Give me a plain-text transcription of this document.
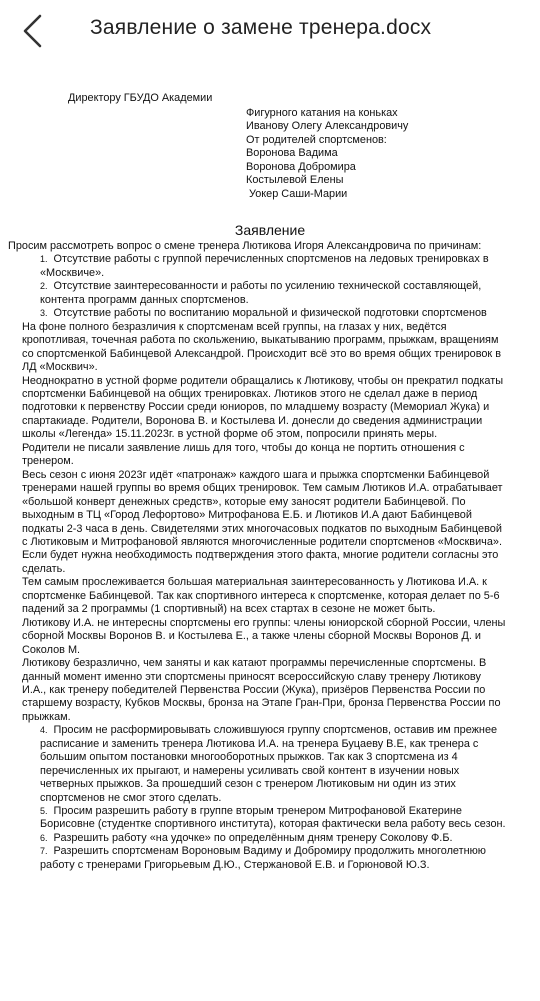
Заявление о замене тренера.docx
Директору ГБУДО Академии
Фигурного катания на коньках
Иванову Олегу Александровичу
От родителей спортсменов:
Вороновa Вадима
Воронова Добромира
Костылевой Елены
Уокер Саши-Марии
Заявление

Просим рассмотреть вопрос о смене тренера Лютикова Игоря Александровича по причинам:

1. Отсутствие работы с группой перечисленных спортсменов на ледовых тренировках в «Москвиче».

2. Отсутствие заинтересованности и работы по усилению технической составляющей, контента программ данных спортсменов.

3. Отсутствие работы по воспитанию моральной и физической подготовки спортсменов

На фоне полного безразличия к спортсменам всей группы, на глазах у них, ведётся кропотливая, точечная работа по скольжению, выкатыванию программ, прыжкам, вращениям со спортсменкой Бабинцевой Александрой. Происходит всё это во время общих тренировок в ЛД «Москвич».

Неоднократно в устной форме родители обращались к Лютикову, чтобы он прекратил подкаты спортсменки Бабинцевой на общих тренировках. Лютиков этого не сделал даже в период подготовки к первенству России среди юниоров, по младшему возрасту (Мемориал Жука) и спартакиаде. Родители, Воронова В. и Костылева И. донесли до сведения администрации школы «Легенда» 15.11.2023г. в устной форме об этом, попросили принять меры.

Родители не писали заявление лишь для того, чтобы до конца не портить отношения с тренером.

Весь сезон с июня 2023г идёт «патронаж» каждого шага и прыжка спортсменки Бабинцевой тренерами нашей группы во время общих тренировок. Тем самым Лютиков И.А. отрабатывает «большой конверт денежных средств», которые ему заносят родители Бабинцевой. По выходным в ТЦ «Город Лефортово» Митрофанова Е.Б. и Лютиков И.А дают Бабинцевой подкаты 2-3 часа в день. Свидетелями этих многочасовых подкатов по выходным Бабинцевой с Лютиковым и Митрофановой являются многочисленные родители спортсменов «Москвича». Если будет нужна необходимость подтверждения этого факта, многие родители согласны это сделать.

Тем самым прослеживается большая материальная заинтересованность у Лютикова И.А. к спортсменке Бабинцевой. Так как спортивного интереса к спортсменке, которая делает по 5-6 падений за 2 программы (1 спортивный) на всех стартах в сезоне не может быть.

Лютикову И.А. не интересны спортсмены его группы: члены юниорской сборной России, члены сборной Москвы Воронов В. и Костылева Е., а также члены сборной Москвы Воронов Д. и Соколов М.

Лютикову безразлично, чем заняты и как катают программы перечисленные спортсмены. В данный момент именно эти спортсмены приносят всероссийскую славу тренеру Лютикову И.А., как тренеру победителей Первенства России (Жука), призёров Первенства России по старшему возрасту, Кубков Москвы, бронза на Этапе Гран-При, бронза Первенства России по прыжкам.

4. Просим не расформировывать сложившуюся группу спортсменов, оставив им прежнее расписание и заменить тренера Лютикова И.А. на тренера Буцаеву В.Е, как тренера с большим опытом постановки многооборотных прыжков. Так как 3 спортсмена из 4 перечисленных их прыгают, и намерены усиливать свой контент в изучении новых четверных прыжков. За прошедший сезон с тренером Лютиковым ни один из этих спортсменов не смог этого сделать.

5. Просим разрешить работу в группе вторым тренером Митрофановой Екатерине Борисовне (студентке спортивного института), которая фактически вела работу весь сезон.

6. Разрешить работу «на удочке» по определённым дням тренеру Соколову Ф.Б.

7. Разрешить спортсменам Вороновым Вадиму и Добромиру продолжить многолетнюю работу с тренерами Григорьевым Д.Ю., Стержановой Е.В. и Горюновой Ю.З.
